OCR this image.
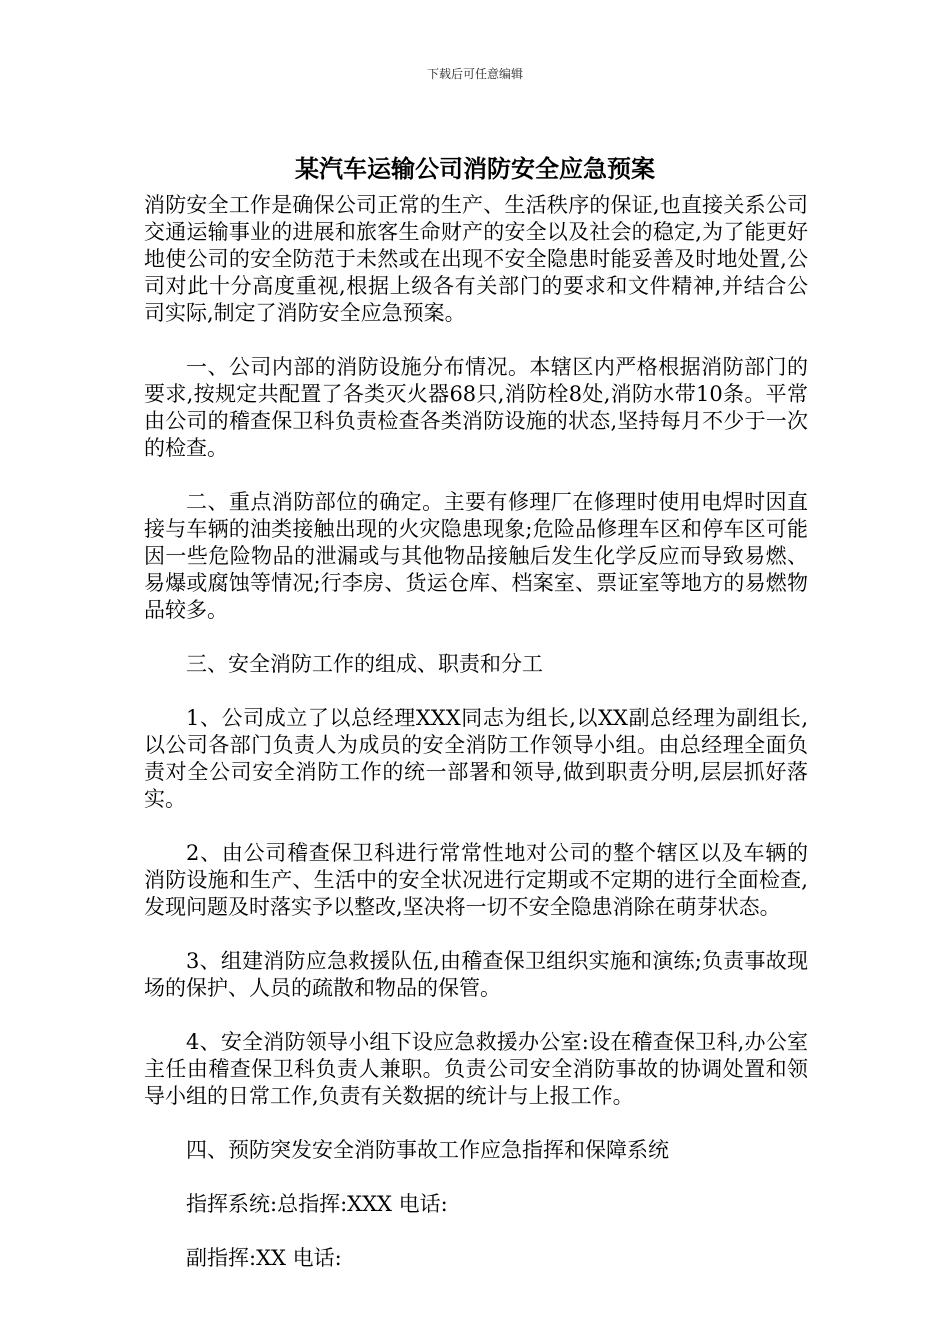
下载后可任意编辑
某汽车运输公司消防安全应急预案

消防安全工作是确保公司正常的生产、生活秩序的保证,也直接关系公司交通运输事业的进展和旅客生命财产的安全以及社会的稳定,为了能更好地使公司的安全防范于未然或在出现不安全隐患时能妥善及时地处置,公司对此十分高度重视,根据上级各有关部门的要求和文件精神,并结合公司实际,制定了消防安全应急预案。

一、公司内部的消防设施分布情况。本辖区内严格根据消防部门的要求,按规定共配置了各类灭火器68只,消防栓8处,消防水带10条。平常由公司的稽查保卫科负责检查各类消防设施的状态,坚持每月不少于一次的检查。

二、重点消防部位的确定。主要有修理厂在修理时使用电焊时因直接与车辆的油类接触出现的火灾隐患现象;危险品修理车区和停车区可能因一些危险物品的泄漏或与其他物品接触后发生化学反应而导致易燃、易爆或腐蚀等情况;行李房、货运仓库、档案室、票证室等地方的易燃物品较多。

三、安全消防工作的组成、职责和分工

1、公司成立了以总经理XXX同志为组长,以XX副总经理为副组长,以公司各部门负责人为成员的安全消防工作领导小组。由总经理全面负责对全公司安全消防工作的统一部署和领导,做到职责分明,层层抓好落实。

2、由公司稽查保卫科进行常常性地对公司的整个辖区以及车辆的消防设施和生产、生活中的安全状况进行定期或不定期的进行全面检查,发现问题及时落实予以整改,坚决将一切不安全隐患消除在萌芽状态。

3、组建消防应急救援队伍,由稽查保卫组织实施和演练;负责事故现场的保护、人员的疏散和物品的保管。

4、安全消防领导小组下设应急救援办公室:设在稽查保卫科,办公室主任由稽查保卫科负责人兼职。负责公司安全消防事故的协调处置和领导小组的日常工作,负责有关数据的统计与上报工作。

四、预防突发安全消防事故工作应急指挥和保障系统

指挥系统:总指挥:XXX 电话:

副指挥:XX 电话:
